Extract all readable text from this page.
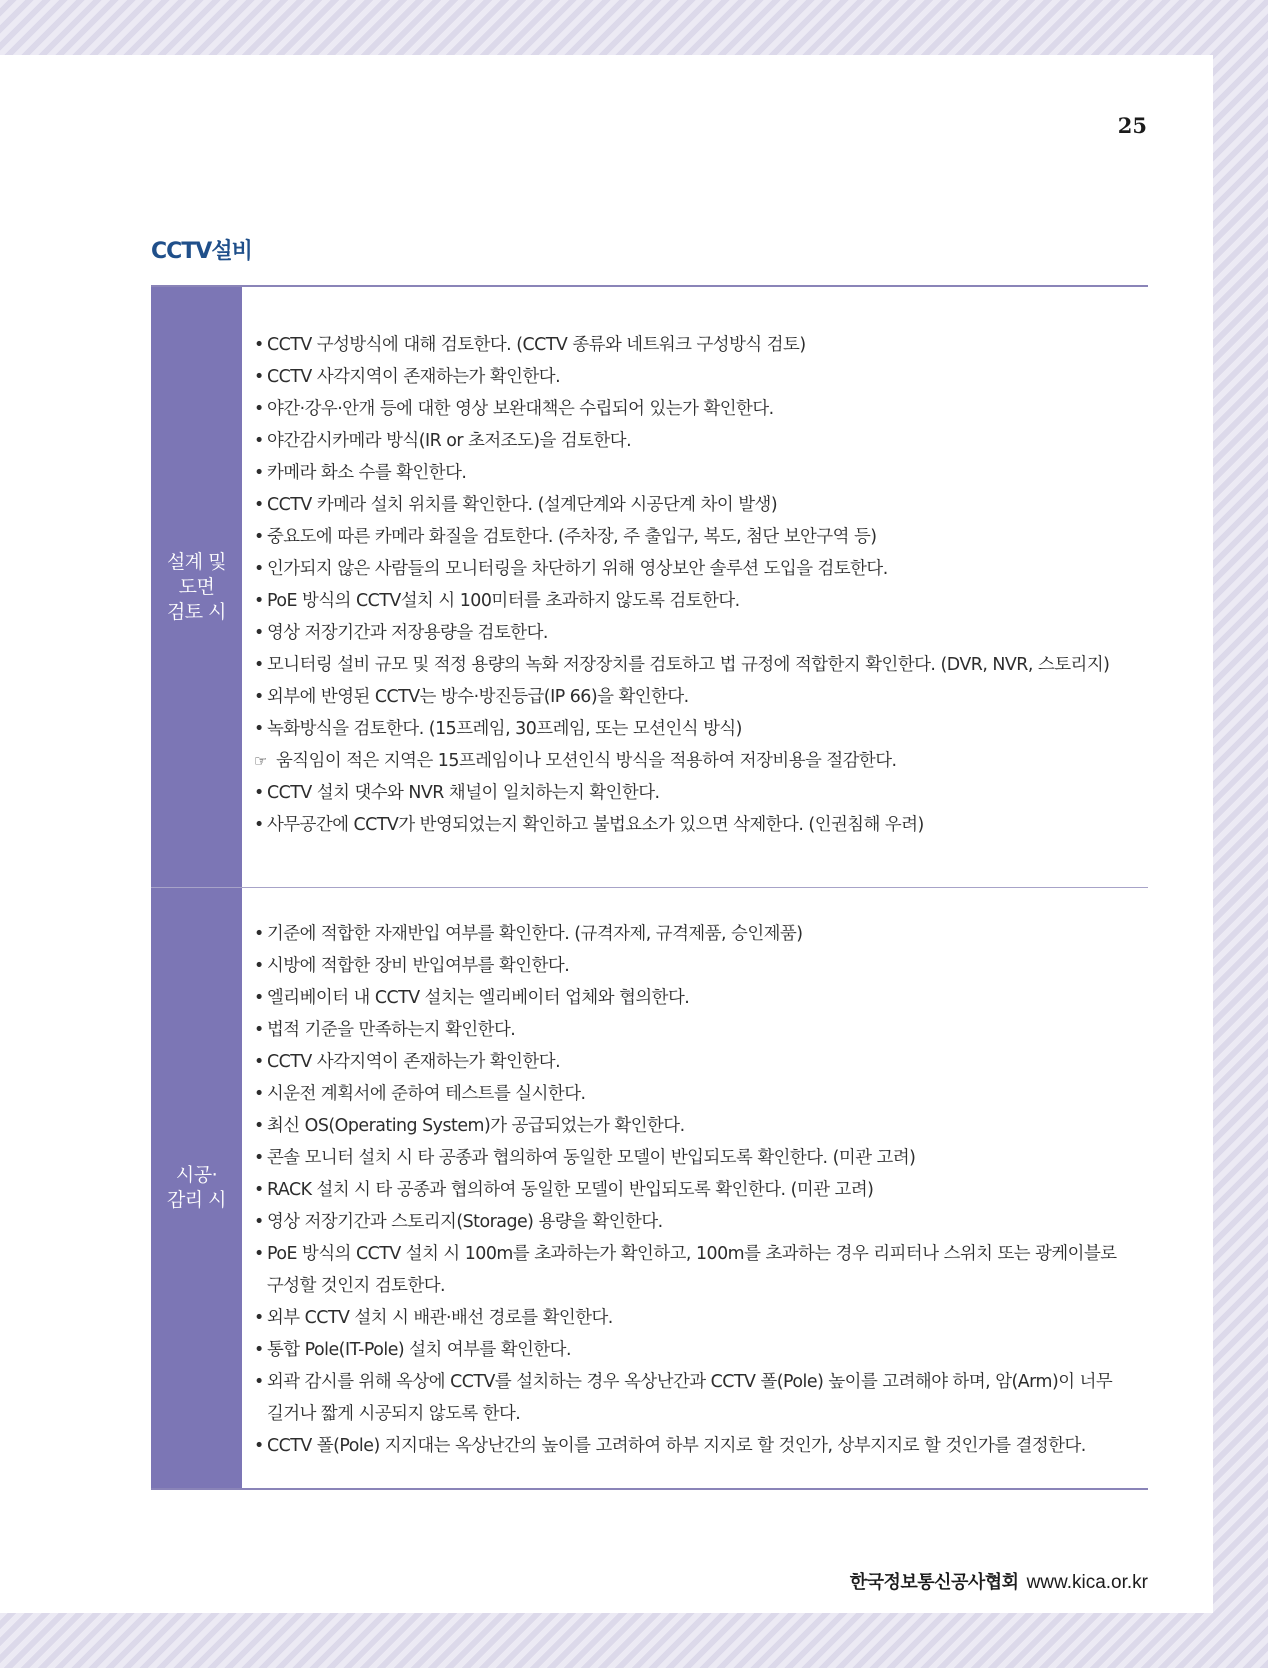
25
CCTV설비
설계 및
도면
검토 시
• CCTV 구성방식에 대해 검토한다. (CCTV 종류와 네트워크 구성방식 검토)
• CCTV 사각지역이 존재하는가 확인한다.
• 야간·강우·안개 등에 대한 영상 보완대책은 수립되어 있는가 확인한다.
• 야간감시카메라 방식(IR or 초저조도)을 검토한다.
• 카메라 화소 수를 확인한다.
• CCTV 카메라 설치 위치를 확인한다. (설계단계와 시공단계 차이 발생)
• 중요도에 따른 카메라 화질을 검토한다. (주차장, 주 출입구, 복도, 첨단 보안구역 등)
• 인가되지 않은 사람들의 모니터링을 차단하기 위해 영상보안 솔루션 도입을 검토한다.
• PoE 방식의 CCTV설치 시 100미터를 초과하지 않도록 검토한다.
• 영상 저장기간과 저장용량을 검토한다.
• 모니터링 설비 규모 및 적정 용량의 녹화 저장장치를 검토하고 법 규정에 적합한지 확인한다. (DVR, NVR, 스토리지)
• 외부에 반영된 CCTV는 방수·방진등급(IP 66)을 확인한다.
• 녹화방식을 검토한다. (15프레임, 30프레임, 또는 모션인식 방식)
☞ 움직임이 적은 지역은 15프레임이나 모션인식 방식을 적용하여 저장비용을 절감한다.
• CCTV 설치 댓수와 NVR 채널이 일치하는지 확인한다.
• 사무공간에 CCTV가 반영되었는지 확인하고 불법요소가 있으면 삭제한다. (인권침해 우려)
시공·
감리 시
• 기준에 적합한 자재반입 여부를 확인한다. (규격자제, 규격제품, 승인제품)
• 시방에 적합한 장비 반입여부를 확인한다.
• 엘리베이터 내 CCTV 설치는 엘리베이터 업체와 협의한다.
• 법적 기준을 만족하는지 확인한다.
• CCTV 사각지역이 존재하는가 확인한다.
• 시운전 계획서에 준하여 테스트를 실시한다.
• 최신 OS(Operating System)가 공급되었는가 확인한다.
• 콘솔 모니터 설치 시 타 공종과 협의하여 동일한 모델이 반입되도록 확인한다. (미관 고려)
• RACK 설치 시 타 공종과 협의하여 동일한 모델이 반입되도록 확인한다. (미관 고려)
• 영상 저장기간과 스토리지(Storage) 용량을 확인한다.
• PoE 방식의 CCTV 설치 시 100m를 초과하는가 확인하고, 100m를 초과하는 경우 리피터나 스위치 또는 광케이블로 구성할 것인지 검토한다.
• 외부 CCTV 설치 시 배관·배선 경로를 확인한다.
• 통합 Pole(IT-Pole) 설치 여부를 확인한다.
• 외곽 감시를 위해 옥상에 CCTV를 설치하는 경우 옥상난간과 CCTV 폴(Pole) 높이를 고려해야 하며, 암(Arm)이 너무 길거나 짧게 시공되지 않도록 한다.
• CCTV 폴(Pole) 지지대는 옥상난간의 높이를 고려하여 하부 지지로 할 것인가, 상부지지로 할 것인가를 결정한다.
한국정보통신공사협회 www.kica.or.kr
